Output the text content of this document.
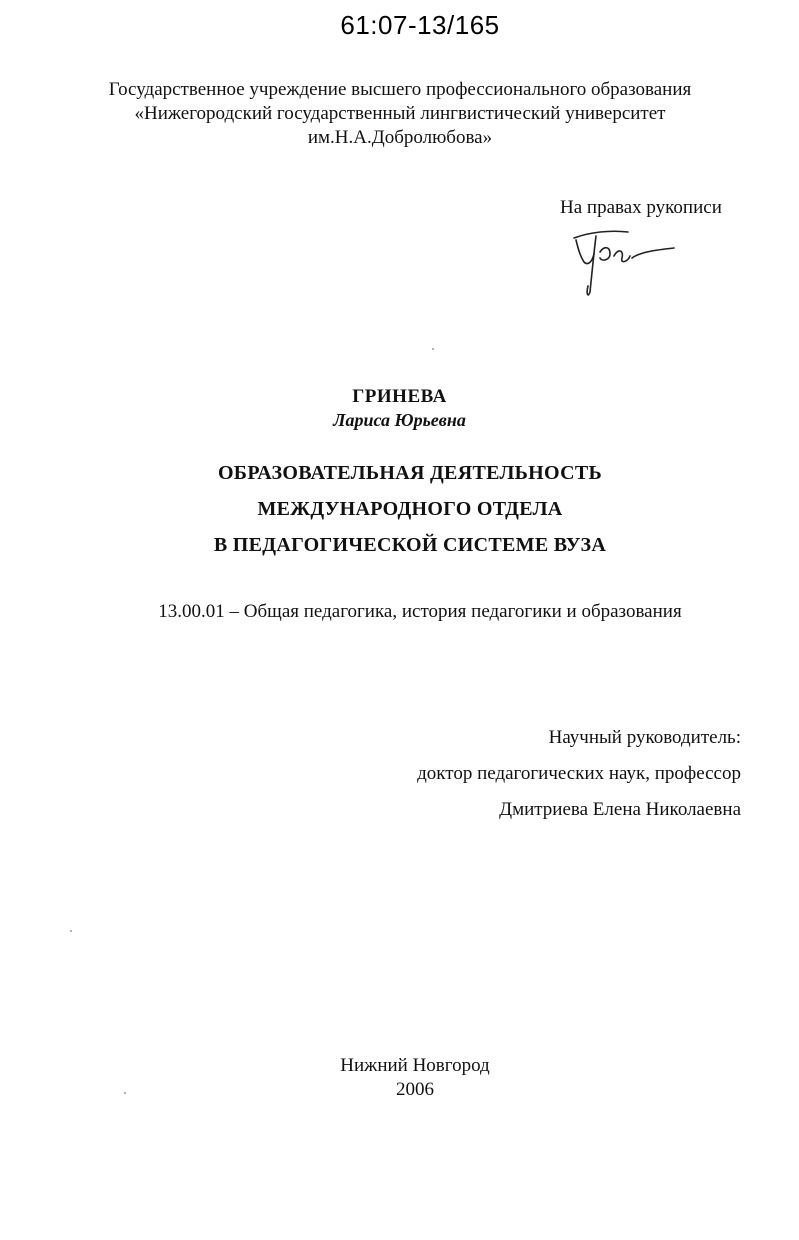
61:07-13/165
Государственное учреждение высшего профессионального образования
«Нижегородский государственный лингвистический университет
им.Н.А.Добролюбова»
На правах рукописи
ГРИНЕВА
Лариса Юрьевна
ОБРАЗОВАТЕЛЬНАЯ ДЕЯТЕЛЬНОСТЬ
МЕЖДУНАРОДНОГО ОТДЕЛА
В ПЕДАГОГИЧЕСКОЙ СИСТЕМЕ ВУЗА
13.00.01 – Общая педагогика, история педагогики и образования
Научный руководитель:
доктор педагогических наук, профессор
Дмитриева Елена Николаевна
Нижний Новгород
2006
